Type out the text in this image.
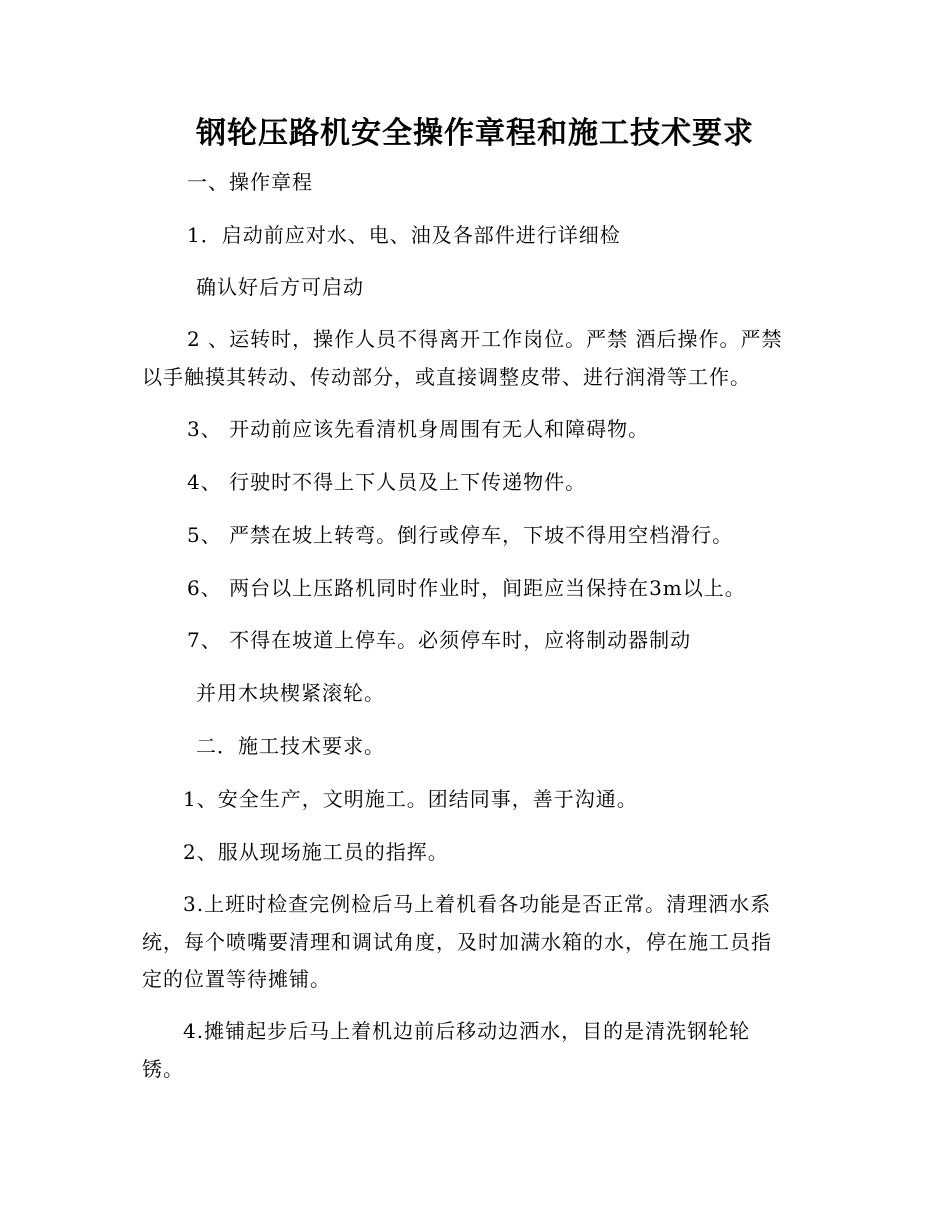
钢轮压路机安全操作章程和施工技术要求
一、操作章程
1．启动前应对水、电、油及各部件进行详细检
确认好后方可启动
2 、运转时，操作人员不得离开工作岗位。严禁 酒后操作。严禁
以手触摸其转动、传动部分，或直接调整皮带、进行润滑等工作。
3、 开动前应该先看清机身周围有无人和障碍物。
4、 行驶时不得上下人员及上下传递物件。
5、 严禁在坡上转弯。倒行或停车，下坡不得用空档滑行。
6、 两台以上压路机同时作业时，间距应当保持在3m以上。
7、 不得在坡道上停车。必须停车时，应将制动器制动
并用木块楔紧滚轮。
二．施工技术要求。
1、安全生产，文明施工。团结同事，善于沟通。
2、服从现场施工员的指挥。
3.上班时检查完例检后马上着机看各功能是否正常。清理洒水系
统，每个喷嘴要清理和调试角度，及时加满水箱的水，停在施工员指
定的位置等待摊铺。
4.摊铺起步后马上着机边前后移动边洒水，目的是清洗钢轮轮
锈。
